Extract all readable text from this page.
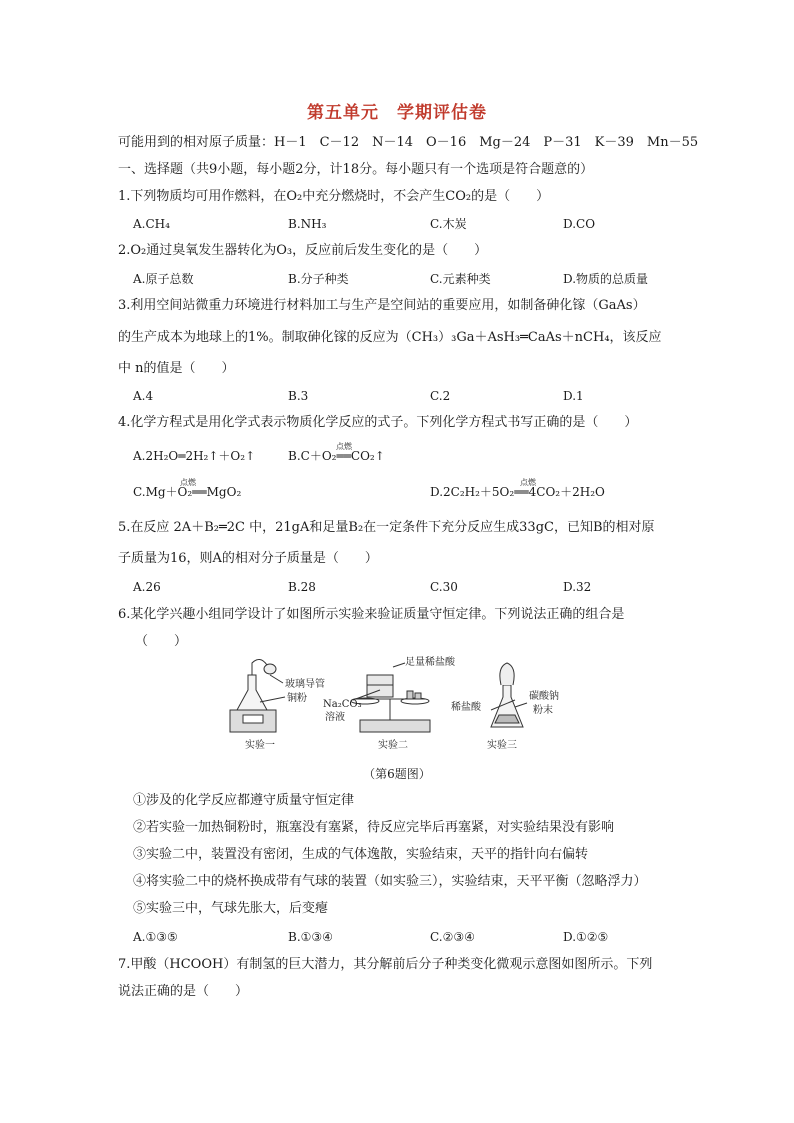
第五单元　学期评估卷
可能用到的相对原子质量：H－1　C－12　N－14　O－16　Mg－24　P－31　K－39　Mn－55
一、选择题（共9小题，每小题2分，计18分。每小题只有一个选项是符合题意的）
1.下列物质均可用作燃料，在O₂中充分燃烧时，不会产生CO₂的是（　　）
A.CH₄	B.NH₃	C.木炭	D.CO
2.O₂通过臭氧发生器转化为O₃，反应前后发生变化的是（　　）
A.原子总数	B.分子种类	C.元素种类	D.物质的总质量
3.利用空间站微重力环境进行材料加工与生产是空间站的重要应用，如制备砷化镓（GaAs）
的生产成本为地球上的1%。制取砷化镓的反应为（CH₃）₃Ga＋AsH₃═CaAs＋nCH₄，该反应
中 n的值是（　　）
A.4	B.3	C.2	D.1
4.化学方程式是用化学式表示物质化学反应的式子。下列化学方程式书写正确的是（　　）
A.2H₂O═2H₂↑＋O₂↑	B.C＋O₂══CO₂↑
点燃
C.Mg＋O₂══MgO₂
点燃
D.2C₂H₂＋5O₂══4CO₂＋2H₂O
点燃
5.在反应 2A＋B₂═2C 中，21gA和足量B₂在一定条件下充分反应生成33gC，已知B的相对原
子质量为16，则A的相对分子质量是（　　）
A.26	B.28	C.30	D.32
6.某化学兴趣小组同学设计了如图所示实验来验证质量守恒定律。下列说法正确的组合是
（　　）
玻璃导管
铜粉
实验一
足量稀盐酸
Na₂CO₃
溶液
实验二
稀盐酸
碳酸钠
粉末
实验三
（第6题图）
①涉及的化学反应都遵守质量守恒定律
②若实验一加热铜粉时，瓶塞没有塞紧，待反应完毕后再塞紧，对实验结果没有影响
③实验二中，装置没有密闭，生成的气体逸散，实验结束，天平的指针向右偏转
④将实验二中的烧杯换成带有气球的装置（如实验三），实验结束，天平平衡（忽略浮力）
⑤实验三中，气球先胀大，后变瘪
A.①③⑤	B.①③④	C.②③④	D.①②⑤
7.甲酸（HCOOH）有制氢的巨大潜力，其分解前后分子种类变化微观示意图如图所示。下列
说法正确的是（　　）
